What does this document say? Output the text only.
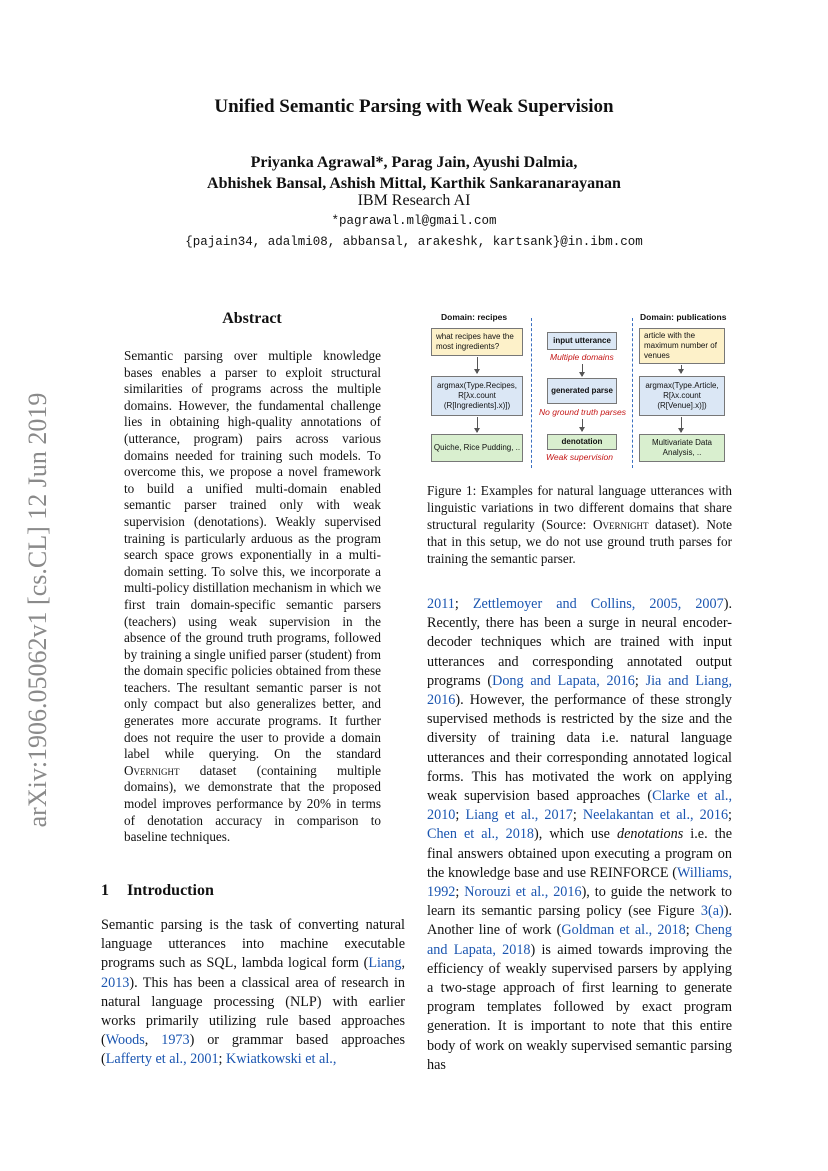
Unified Semantic Parsing with Weak Supervision
Priyanka Agrawal*, Parag Jain, Ayushi Dalmia,
Abhishek Bansal, Ashish Mittal, Karthik Sankaranarayanan
IBM Research AI
*pagrawal.ml@gmail.com
{pajain34, adalmi08, abbansal, arakeshk, kartsank}@in.ibm.com
arXiv:1906.05062v1 [cs.CL] 12 Jun 2019
Abstract
Semantic parsing over multiple knowledge bases enables a parser to exploit structural similarities of programs across the multiple domains. However, the fundamental challenge lies in obtaining high-quality annotations of (utterance, program) pairs across various domains needed for training such models. To overcome this, we propose a novel framework to build a unified multi-domain enabled semantic parser trained only with weak supervision (denotations). Weakly supervised training is particularly arduous as the program search space grows exponentially in a multi-domain setting. To solve this, we incorporate a multi-policy distillation mechanism in which we first train domain-specific semantic parsers (teachers) using weak supervision in the absence of the ground truth programs, followed by training a single unified parser (student) from the domain specific policies obtained from these teachers. The resultant semantic parser is not only compact but also generalizes better, and generates more accurate programs. It further does not require the user to provide a domain label while querying. On the standard Overnight dataset (containing multiple domains), we demonstrate that the proposed model improves performance by 20% in terms of denotation accuracy in comparison to baseline techniques.
1 Introduction
Semantic parsing is the task of converting natural language utterances into machine executable programs such as SQL, lambda logical form (Liang, 2013). This has been a classical area of research in natural language processing (NLP) with earlier works primarily utilizing rule based approaches (Woods, 1973) or grammar based approaches (Lafferty et al., 2001; Kwiatkowski et al.,
Domain: recipes	Domain: publications
what recipes have the most ingredients?
argmax(Type.Recipes, R[λx.count (R[Ingredients].x)])
Quiche, Rice Pudding, ..
input utterance
Multiple domains
generated parse
No ground truth parses
denotation
Weak supervision
article with the maximum number of venues
argmax(Type.Article, R[λx.count (R[Venue].x)])
Multivariate Data Analysis, ..
Figure 1: Examples for natural language utterances with linguistic variations in two different domains that share structural regularity (Source: Overnight dataset). Note that in this setup, we do not use ground truth parses for training the semantic parser.
2011; Zettlemoyer and Collins, 2005, 2007). Recently, there has been a surge in neural encoder-decoder techniques which are trained with input utterances and corresponding annotated output programs (Dong and Lapata, 2016; Jia and Liang, 2016). However, the performance of these strongly supervised methods is restricted by the size and the diversity of training data i.e. natural language utterances and their corresponding annotated logical forms. This has motivated the work on applying weak supervision based approaches (Clarke et al., 2010; Liang et al., 2017; Neelakantan et al., 2016; Chen et al., 2018), which use denotations i.e. the final answers obtained upon executing a program on the knowledge base and use REINFORCE (Williams, 1992; Norouzi et al., 2016), to guide the network to learn its semantic parsing policy (see Figure 3(a)). Another line of work (Goldman et al., 2018; Cheng and Lapata, 2018) is aimed towards improving the efficiency of weakly supervised parsers by applying a two-stage approach of first learning to generate program templates followed by exact program generation. It is important to note that this entire body of work on weakly supervised semantic parsing has
